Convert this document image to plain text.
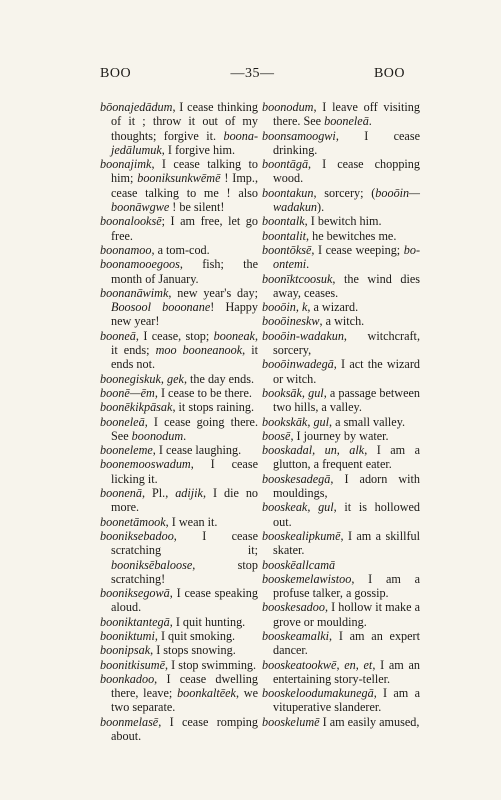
BOO	—35—	BOO

bōonajedādum, I cease thinking of it ; throw it out of my thoughts; forgive it. boona-jedālumuk, I forgive him.

boonajimk, I cease talking to him; booniksunkwēmē ! Imp., cease talking to me ! also boonāwgwe ! be silent!

boonalooksē; I am free, let go free.

boonamoo, a tom-cod.

boonamooegoos, fish; the month of January.

boonanāwimk, new year's day; Boosool booonane! Happy new year!

booneā, I cease, stop; booneak, it ends; moo booneanook, it ends not.

boonegiskuk, gek, the day ends.

boonē—ēm, I cease to be there.

boonēkikpāsak, it stops raining.

booneleā, I cease going there. See boonodum.

booneleme, I cease laughing.

boonemooswadum, I cease licking it.

boonenā, Pl., adijik, I die no more.

boonetāmook, I wean it.

booniksebadoo, I cease scratching it; booniksēbaloose, stop scratching!

booniksegowā, I cease speaking aloud.

booniktantegā, I quit hunting.

booniktumi, I quit smoking.

boonipsak, I stops snowing.

boonitkisumē, I stop swimming.

boonkadoo, I cease dwelling there, leave; boonkaltēek, we two separate.

boonmelasē, I cease romping about.

boonodum, I leave off visiting there. See booneleā.

boonsamoogwi, I cease drinking.

boontāgā, I cease chopping wood.

boontakun, sorcery; (booōin—wadakun).

boontalk, I bewitch him.

boontalit, he bewitches me.

boontōksē, I cease weeping; bo-ontemi.

boonīktcoosuk, the wind dies away, ceases.

booōin, k, a wizard.

booōineskw, a witch.

booōin-wadakun, witchcraft, sorcery,

booōinwadegā, I act the wizard or witch.

booksāk, gul, a passage between two hills, a valley.

bookskāk, gul, a small valley.

boosē, I journey by water.

booskadal, un, alk, I am a glutton, a frequent eater.

booskesadegā, I adorn with mouldings,

booskeak, gul, it is hollowed out.

booskealipkumē, I am a skillful skater.

booskēallcamā

booskemelawistoo, I am a profuse talker, a gossip.

booskesadoo, I hollow it make a grove or moulding.

booskeamalki, I am an expert dancer.

booskeatookwē, en, et, I am an entertaining story-teller.

booskeloodumakunegā, I am a vituperative slanderer.

booskelumē I am easily amused,
